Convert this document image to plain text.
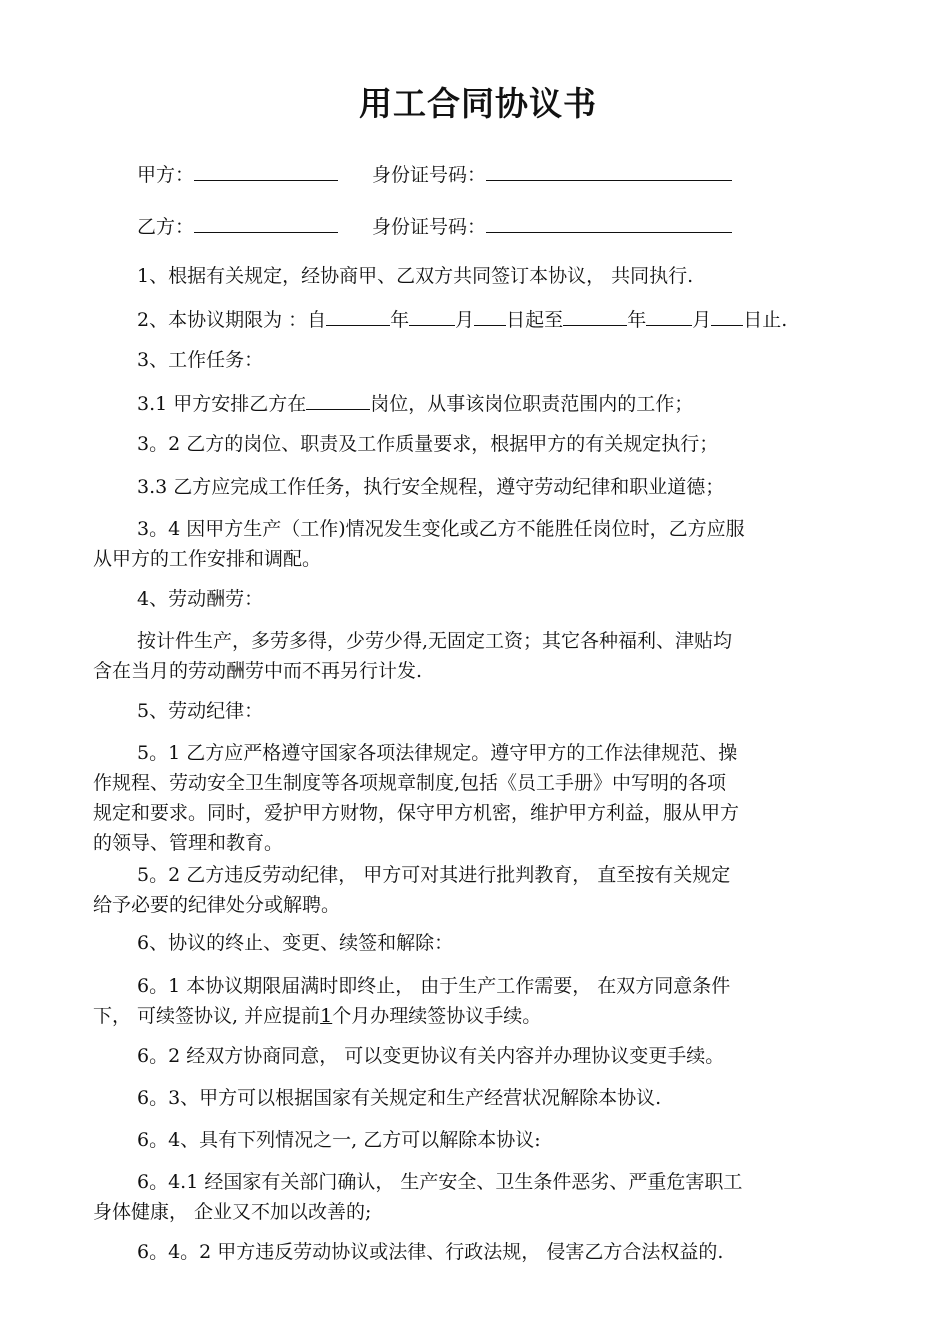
用工合同协议书
甲方：	身份证号码：
乙方：	身份证号码：
1、根据有关规定，经协商甲、乙双方共同签订本协议， 共同执行.
2、本协议期限为 ：自	年 月 日起至	年 月 日止.
3、工作任务：
3.1 甲方安排乙方在	岗位，从事该岗位职责范围内的工作；
3。2 乙方的岗位、职责及工作质量要求，根据甲方的有关规定执行；
3.3 乙方应完成工作任务，执行安全规程，遵守劳动纪律和职业道德；
3。4 因甲方生产（工作)情况发生变化或乙方不能胜任岗位时，乙方应服
从甲方的工作安排和调配。
4、劳动酬劳：
按计件生产，多劳多得，少劳少得,无固定工资；其它各种福利、津贴均
含在当月的劳动酬劳中而不再另行计发.
5、劳动纪律：
5。1 乙方应严格遵守国家各项法律规定。遵守甲方的工作法律规范、操
作规程、劳动安全卫生制度等各项规章制度,包括《员工手册》中写明的各项
规定和要求。同时，爱护甲方财物，保守甲方机密，维护甲方利益，服从甲方
的领导、管理和教育。
5。2 乙方违反劳动纪律， 甲方可对其进行批判教育， 直至按有关规定
给予必要的纪律处分或解聘。
6、协议的终止、变更、续签和解除：
6。1 本协议期限届满时即终止， 由于生产工作需要， 在双方同意条件
下， 可续签协议, 并应提前1个月办理续签协议手续。
6。2 经双方协商同意， 可以变更协议有关内容并办理协议变更手续。
6。3、甲方可以根据国家有关规定和生产经营状况解除本协议.
6。4、具有下列情况之一, 乙方可以解除本协议:
6。4.1 经国家有关部门确认， 生产安全、卫生条件恶劣、严重危害职工
身体健康， 企业又不加以改善的;
6。4。2 甲方违反劳动协议或法律、行政法规， 侵害乙方合法权益的.
